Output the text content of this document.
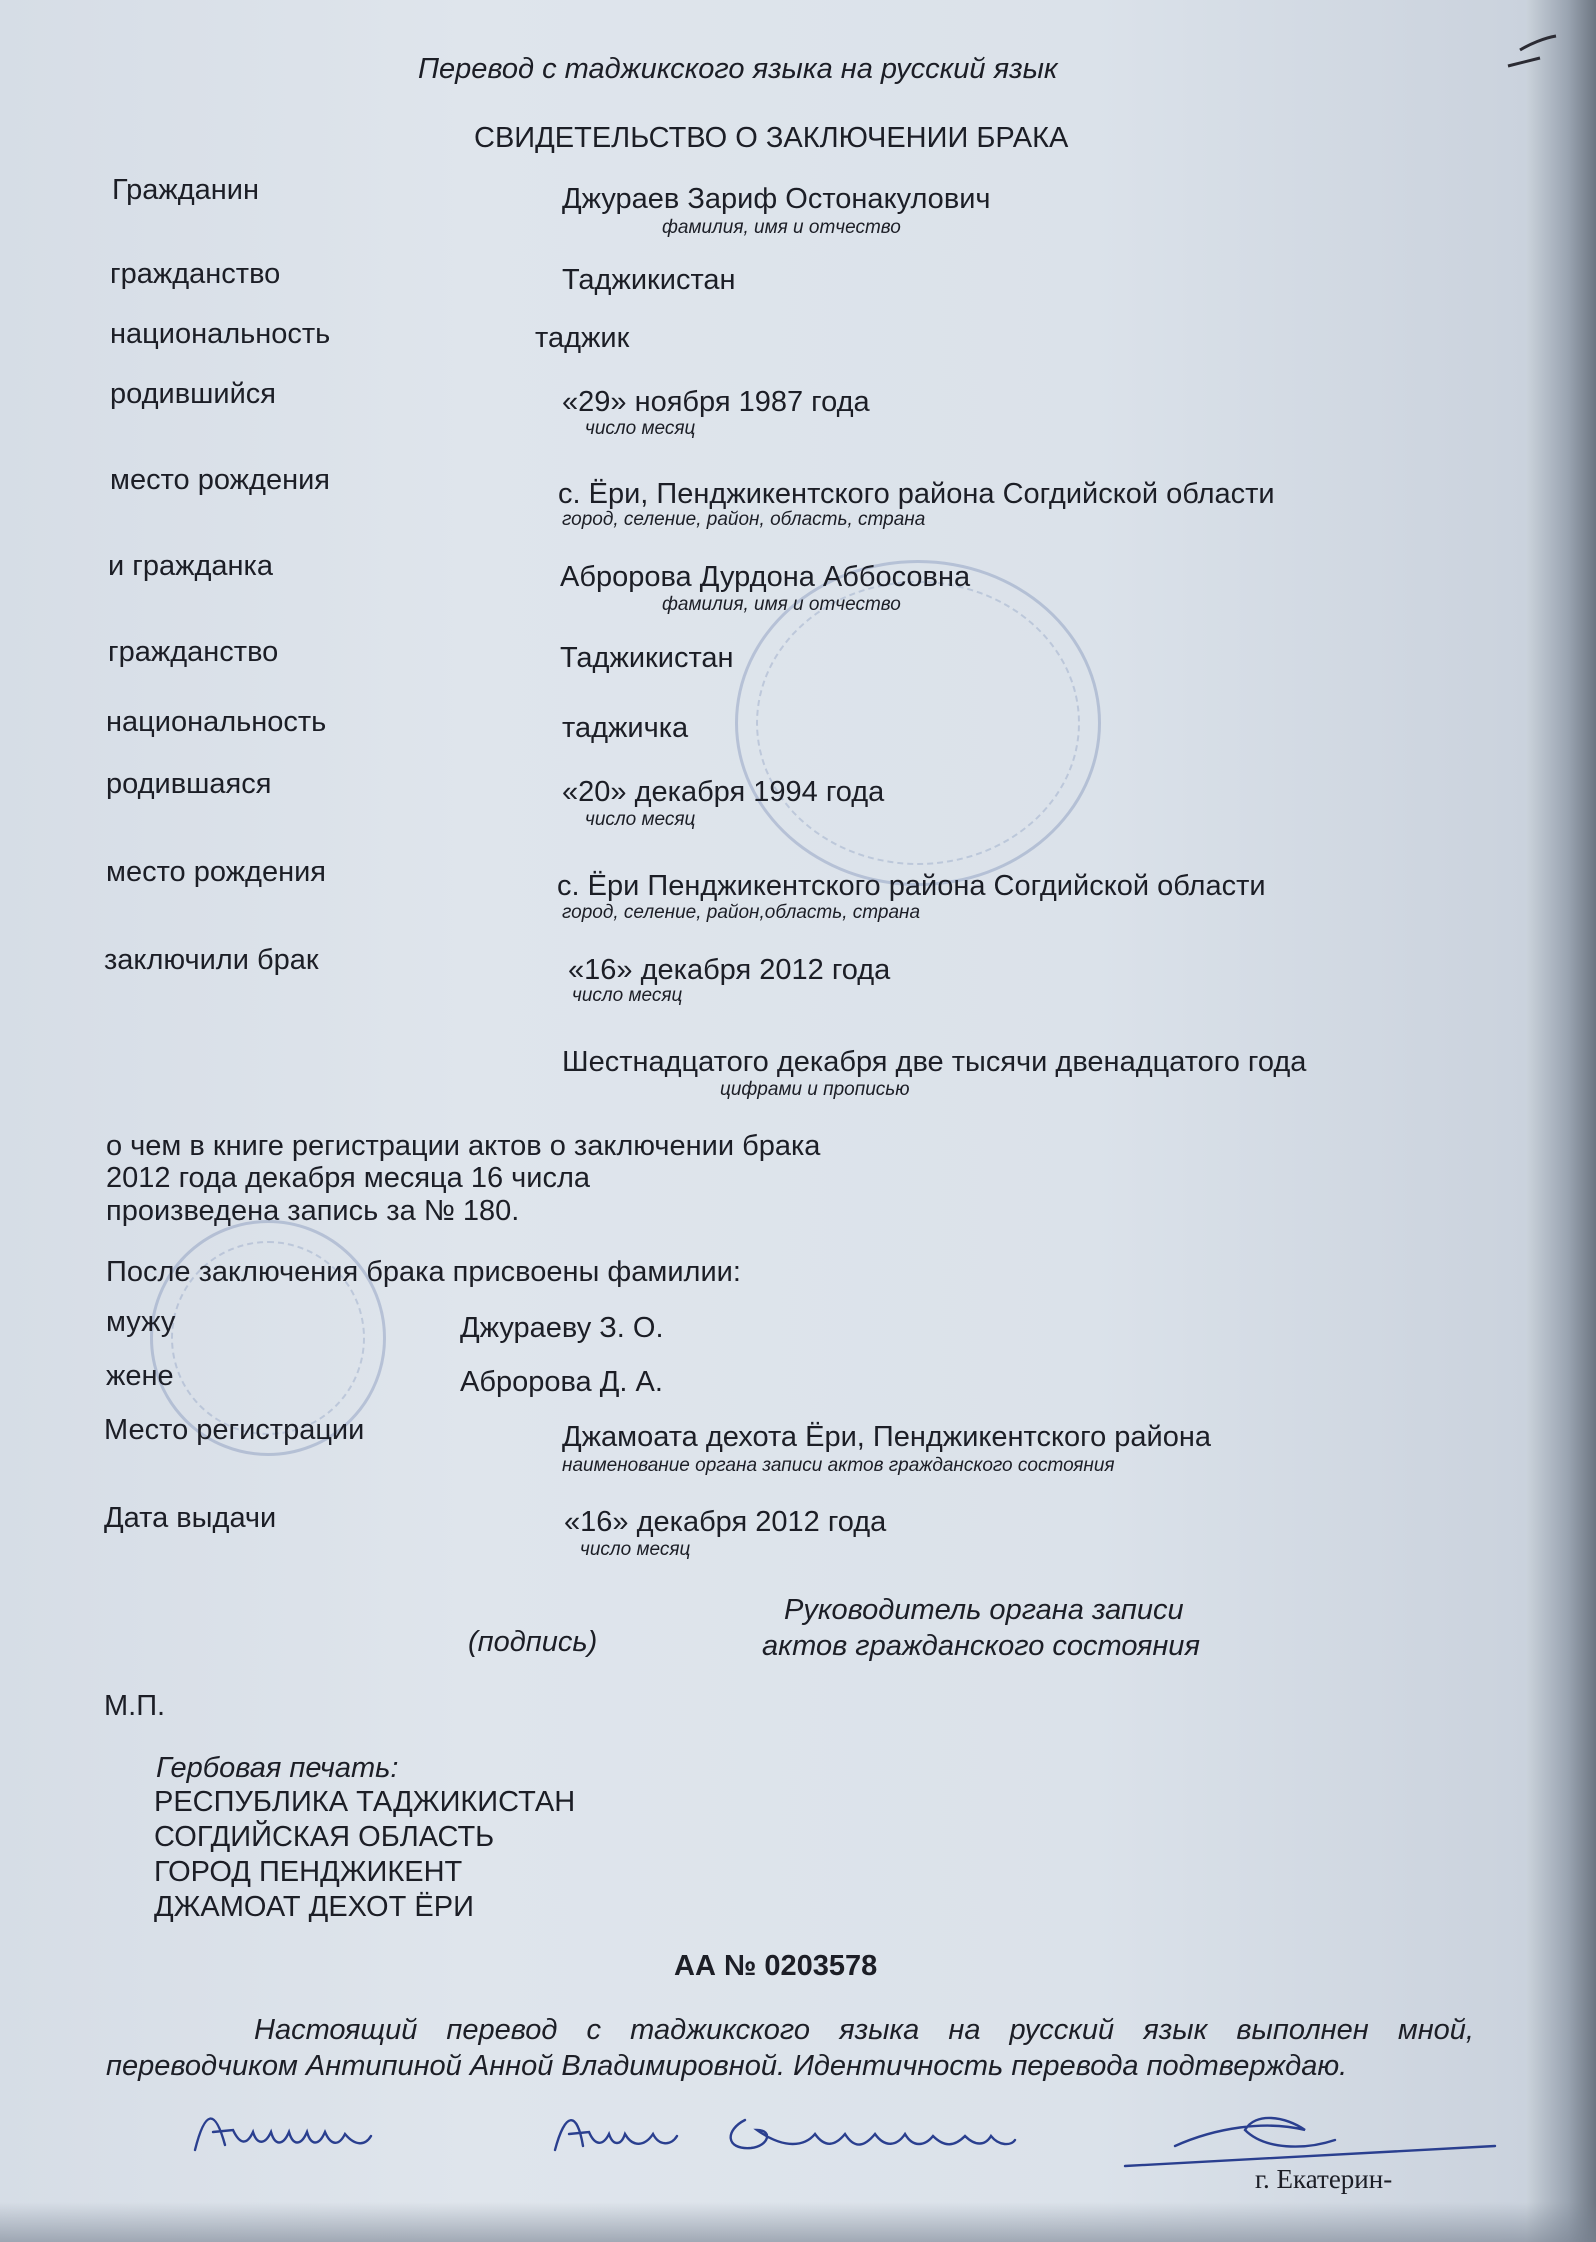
Перевод с таджикского языка на русский язык
СВИДЕТЕЛЬСТВО О ЗАКЛЮЧЕНИИ БРАКА
Гражданин	Джураев Зариф Остонакулович
фамилия, имя и отчество
гражданство	Таджикистан
национальность	таджик
родившийся	«29» ноября 1987 года
число месяц
место рождения	с. Ёри, Пенджикентского района Согдийской области
город, селение, район, область, страна
и гражданка	Абророва Дурдона Аббосовна
фамилия, имя и отчество
гражданство	Таджикистан
национальность	таджичка
родившаяся	«20» декабря 1994 года
число месяц
место рождения	с. Ёри Пенджикентского района Согдийской области
город, селение, район,область, страна
заключили брак	«16» декабря 2012 года
число месяц
Шестнадцатого декабря две тысячи двенадцатого года
цифрами и прописью
о чем в книге регистрации актов о заключении брака
2012 года декабря месяца 16 числа
произведена запись за № 180.
После заключения брака присвоены фамилии:
мужу	Джураеву З. О.
жене	Абророва Д. А.
Место регистрации	Джамоата дехота Ёри, Пенджикентского района
наименование органа записи актов гражданского состояния
Дата выдачи	«16» декабря 2012 года
число месяц
Руководитель органа записи
(подпись)	актов гражданского состояния
М.П.
Гербовая печать:
РЕСПУБЛИКА ТАДЖИКИСТАН
СОГДИЙСКАЯ ОБЛАСТЬ
ГОРОД ПЕНДЖИКЕНТ
ДЖАМОАТ ДЕХОТ ЁРИ
АА № 0203578
Настоящий перевод с таджикского языка на русский язык выполнен мной,
переводчиком Антипиной Анной Владимировной. Идентичность перевода подтверждаю.
г. Екатерин-
